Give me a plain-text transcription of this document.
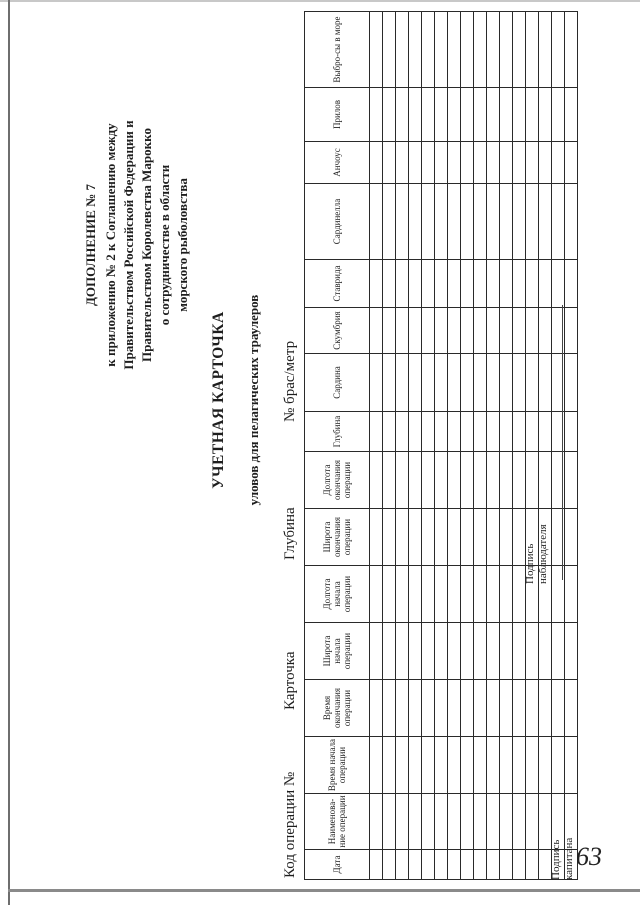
ДОПОЛНЕНИЕ № 7 к приложению № 2 к Соглашению между Правительством Российской Федерации и Правительством Королевства Марокко о сотрудничестве в области морского рыболовства
УЧЕТНАЯ КАРТОЧКА уловов для пелагических траулеров
Код операции №
Карточка
Глубина
№ брас/метр
Дата	Наименова-ние операции	Время начала операции	Время окончания операции	Широта начала операции	Долгота начала операции	Широта окончания операции	Долгота окончания операции	Глубина	Сардина	Скумбрия	Ставрида	Сардинелла	Анчоус	Прилов	Выбро-сы в море

Подпись
капитана
Подпись
наблюдателя
63
